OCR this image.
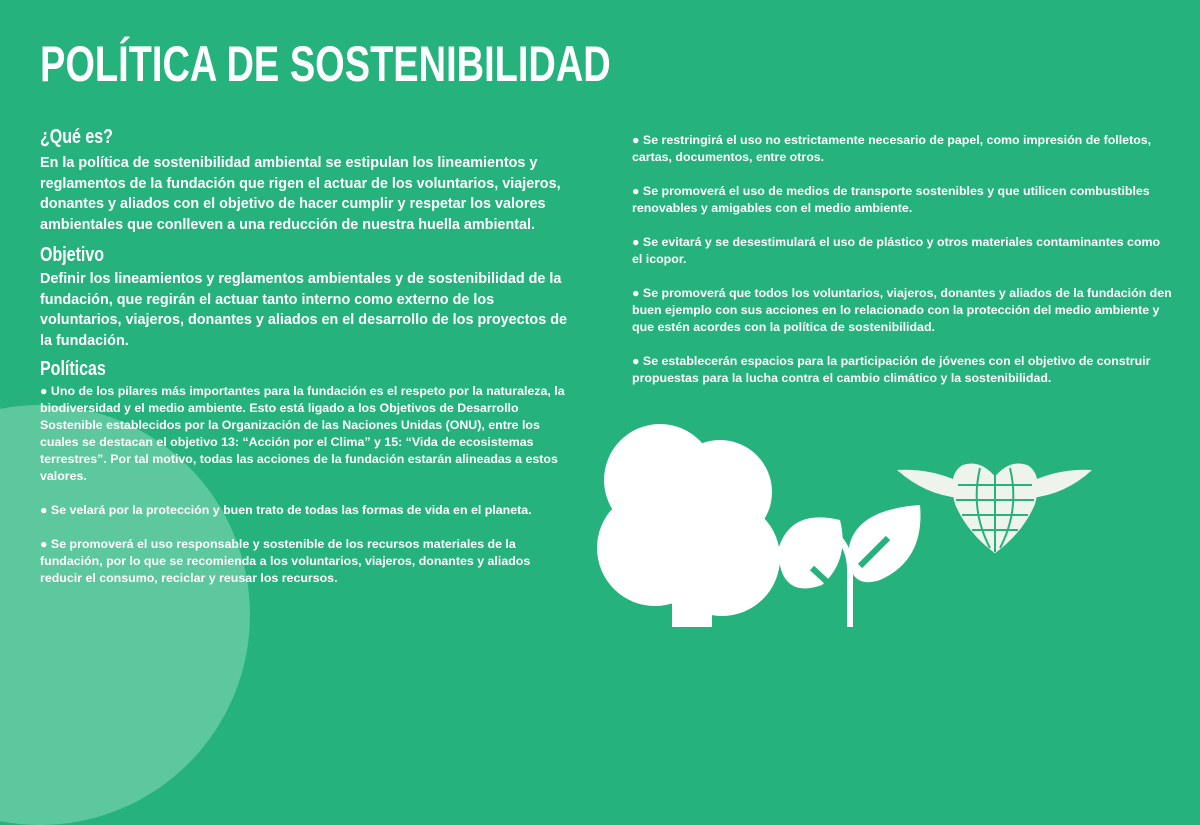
POLÍTICA DE SOSTENIBILIDAD
¿Qué es?

En la política de sostenibilidad ambiental se estipulan los lineamientos y reglamentos de la fundación que rigen el actuar de los voluntarios, viajeros, donantes y aliados con el objetivo de hacer cumplir y respetar los valores ambientales que conlleven a una reducción de nuestra huella ambiental.

Objetivo

Definir los lineamientos y reglamentos ambientales y de sostenibilidad de la fundación, que regirán el actuar tanto interno como externo de los voluntarios, viajeros, donantes y aliados en el desarrollo de los proyectos de la fundación.

Políticas

● Uno de los pilares más importantes para la fundación es el respeto por la naturaleza, la biodiversidad y el medio ambiente. Esto está ligado a los Objetivos de Desarrollo Sostenible establecidos por la Organización de las Naciones Unidas (ONU), entre los cuales se destacan el objetivo 13: “Acción por el Clima” y 15: “Vida de ecosistemas terrestres”. Por tal motivo, todas las acciones de la fundación estarán alineadas a estos valores.

● Se velará por la protección y buen trato de todas las formas de vida en el planeta.

● Se promoverá el uso responsable y sostenible de los recursos materiales de la fundación, por lo que se recomienda a los voluntarios, viajeros, donantes y aliados reducir el consumo, reciclar y reusar los recursos.

● Se restringirá el uso no estrictamente necesario de papel, como impresión de folletos, cartas, documentos, entre otros.

● Se promoverá el uso de medios de transporte sostenibles y que utilicen combustibles renovables y amigables con el medio ambiente.

● Se evitará y se desestimulará el uso de plástico y otros materiales contaminantes como el icopor.

● Se promoverá que todos los voluntarios, viajeros, donantes y aliados de la fundación den buen ejemplo con sus acciones en lo relacionado con la protección del medio ambiente y que estén acordes con la política de sostenibilidad.

● Se establecerán espacios para la participación de jóvenes con el objetivo de construir propuestas para la lucha contra el cambio climático y la sostenibilidad.
